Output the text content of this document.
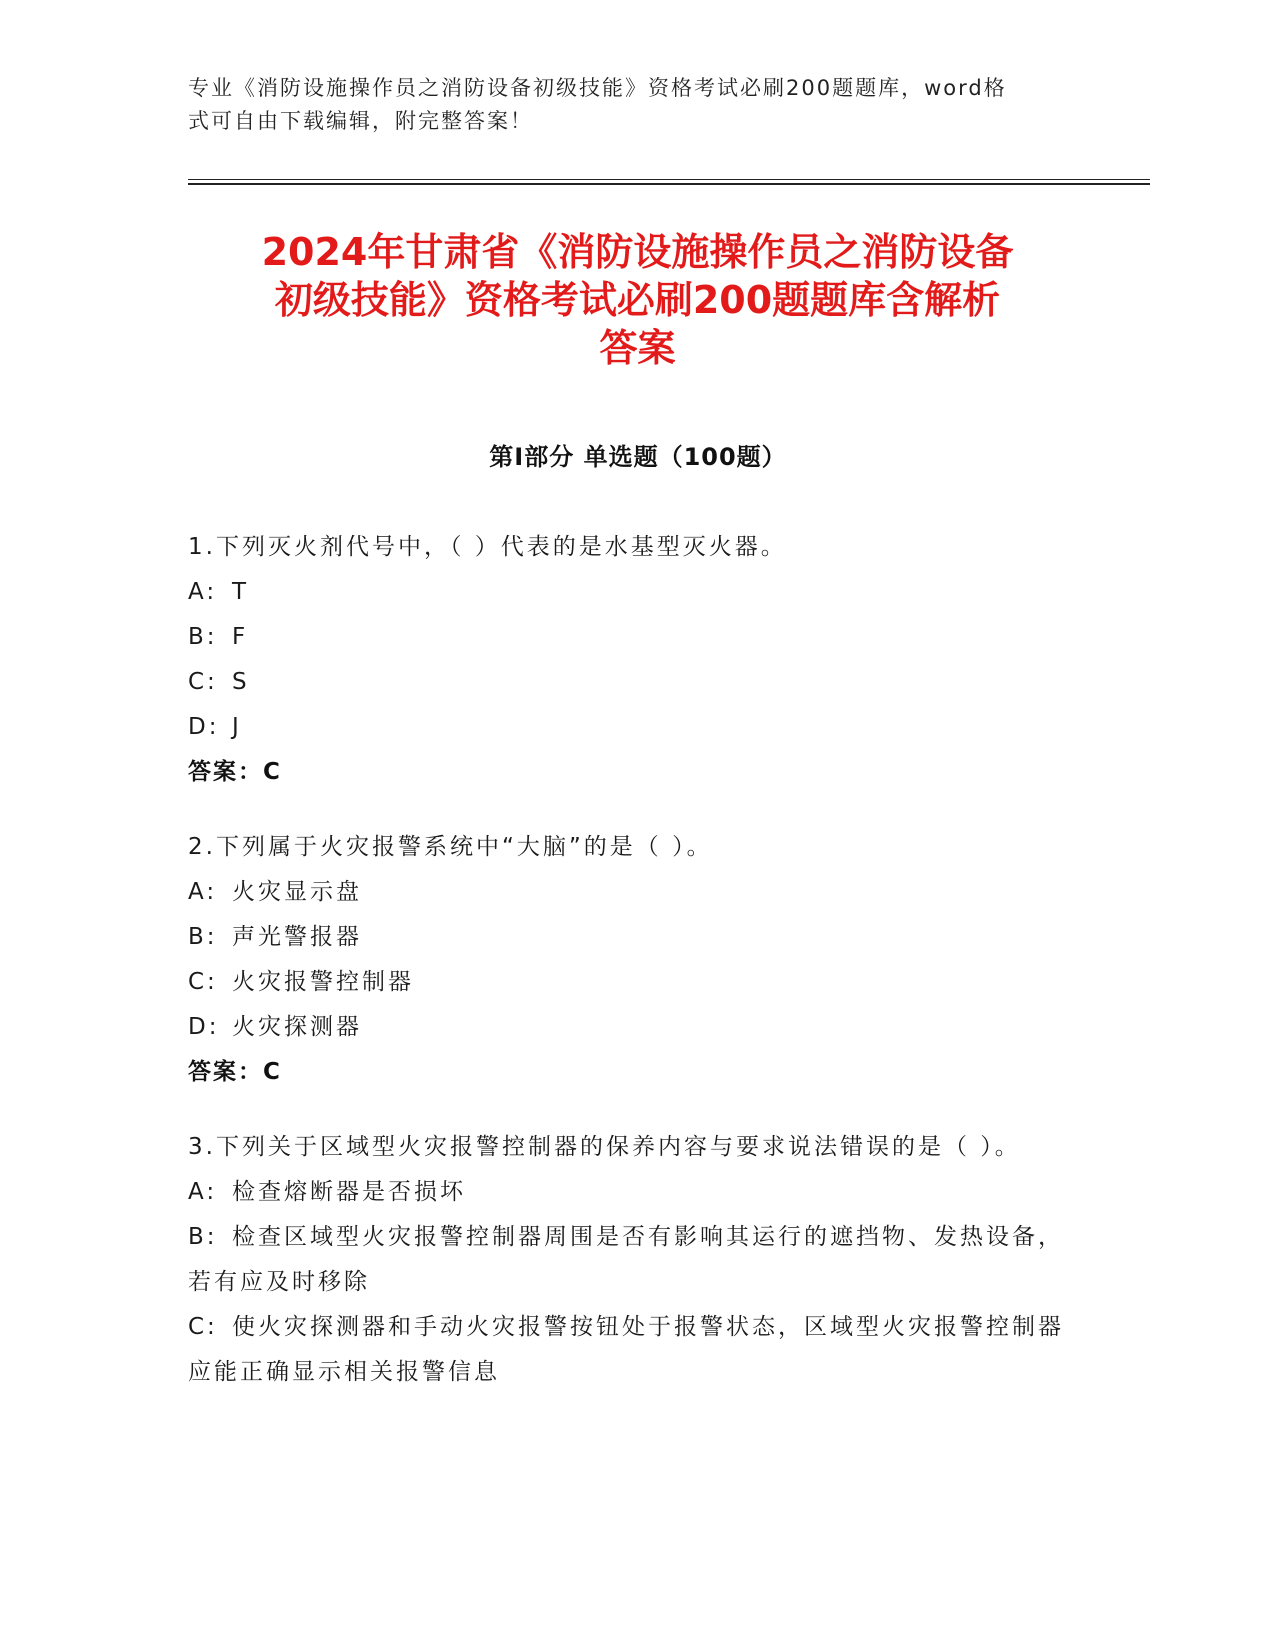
专业《消防设施操作员之消防设备初级技能》资格考试必刷200题题库，word格
式可自由下载编辑，附完整答案！
2024年甘肃省《消防设施操作员之消防设备
初级技能》资格考试必刷200题题库含解析
答案
第Ⅰ部分 单选题（100题）
1.下列灭火剂代号中，（ ）代表的是水基型灭火器。
A: T
B: F
C: S
D: J
答案：C
2.下列属于火灾报警系统中“大脑”的是（ ）。
A: 火灾显示盘
B: 声光警报器
C: 火灾报警控制器
D: 火灾探测器
答案：C
3.下列关于区域型火灾报警控制器的保养内容与要求说法错误的是（ ）。
A: 检查熔断器是否损坏
B: 检查区域型火灾报警控制器周围是否有影响其运行的遮挡物、发热设备，若有应及时移除
C: 使火灾探测器和手动火灾报警按钮处于报警状态，区域型火灾报警控制器应能正确显示相关报警信息
